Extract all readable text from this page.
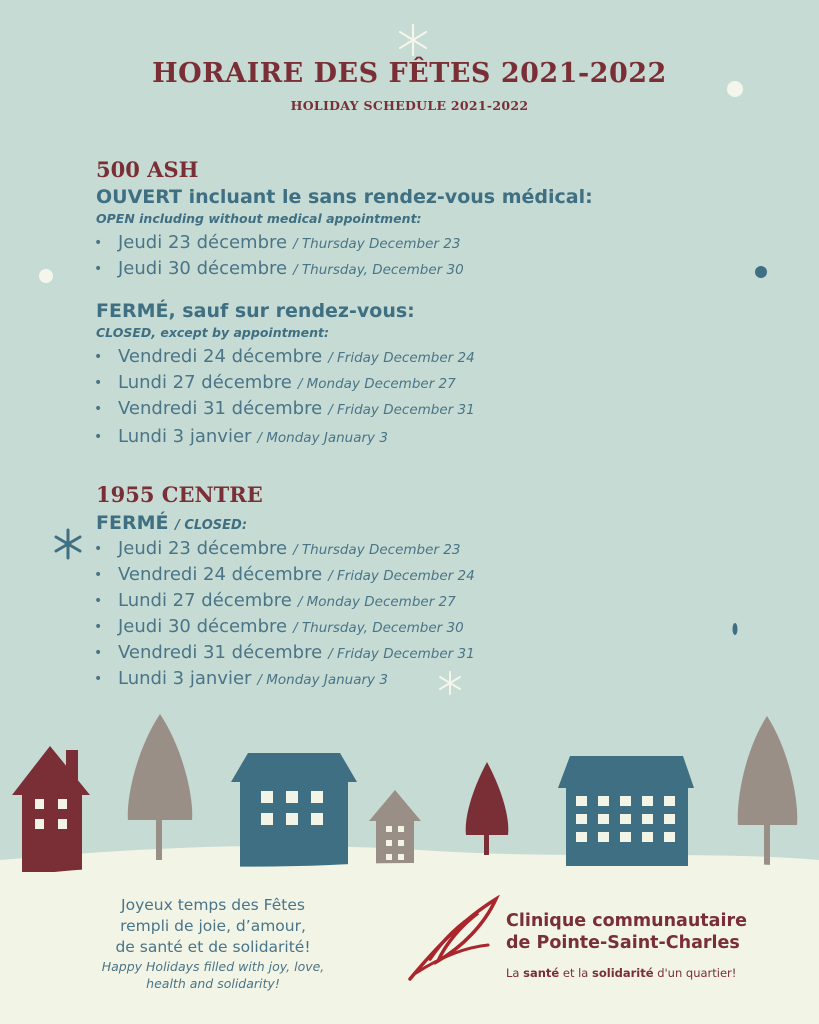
HORAIRE DES FÊTES 2021-2022
HOLIDAY SCHEDULE 2021-2022
500 ASH
OUVERT incluant le sans rendez-vous médical:
OPEN including without medical appointment:
• Jeudi 23 décembre / Thursday December 23
• Jeudi 30 décembre / Thursday, December 30
FERMÉ, sauf sur rendez-vous:
CLOSED, except by appointment:
• Vendredi 24 décembre / Friday December 24
• Lundi 27 décembre / Monday December 27
• Vendredi 31 décembre / Friday December 31
• Lundi 3 janvier / Monday January 3
1955 CENTRE
FERMÉ / CLOSED:
• Jeudi 23 décembre / Thursday December 23
• Vendredi 24 décembre / Friday December 24
• Lundi 27 décembre / Monday December 27
• Jeudi 30 décembre / Thursday, December 30
• Vendredi 31 décembre / Friday December 31
• Lundi 3 janvier / Monday January 3
Joyeux temps des Fêtes
rempli de joie, d’amour,
de santé et de solidarité!
Happy Holidays filled with joy, love,
health and solidarity!
Clinique communautaire
de Pointe-Saint-Charles
La santé et la solidarité d'un quartier!
